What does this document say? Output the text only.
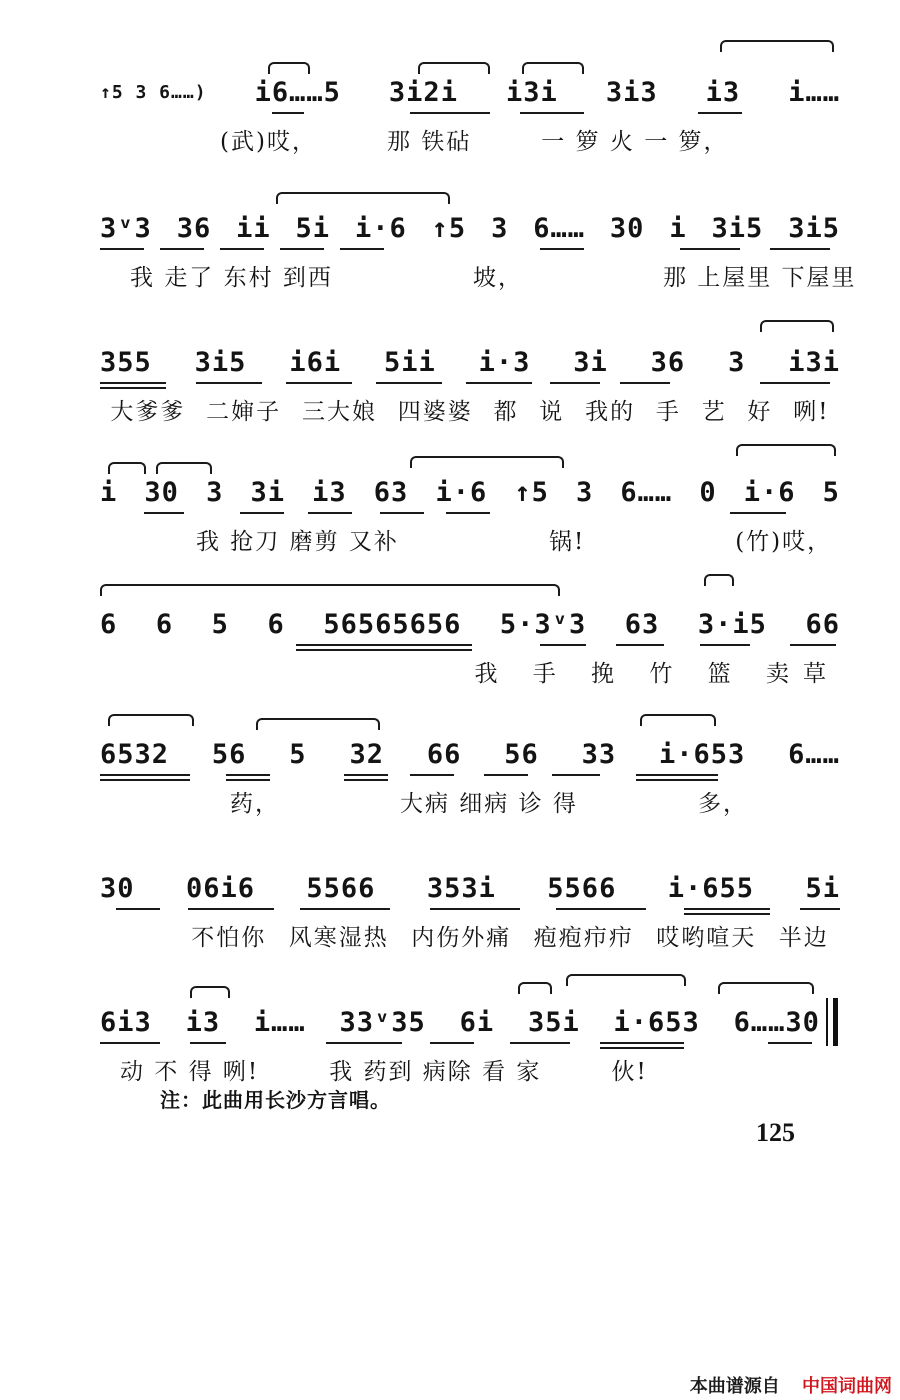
↑5 3 6……) i6……5 3i2i i3i 3i3 i3 i……
(武)哎，	那 铁砧	一 箩 火 一 箩，
3ᵛ3 36 ii 5i i·6 ↑5 3 6…… 30 i 3i5 3i5
我 走了 东村 到西	坡，	那 上屋里 下屋里
355 3i5 i6i 5ii i·3 3i 36 3 i3i
大爹爹 二婶子 三大娘 四婆婆 都 说 我的 手 艺 好 咧!
i 30 3 3i i3 63 i·6 ↑5 3 6…… 0 i·6 5
我 抢刀 磨剪 又补	锅!	(竹)哎，
6 6 5 6 56565656 5·3ᵛ3 63 3·i5 66
我 手 挽 竹 篮 卖草
6532 56 5 32 66 56 33 i·653 6……
药，	大病 细病 诊 得	多，
30 06i6 5566 353i 5566 i·655 5i
不怕你 风寒湿热 内伤外痛 疱疱疖疖 哎哟喧天 半边
6i3 i3 i…… 33ᵛ35 6i 35i i·653 6……30
动 不 得 咧!	我 药到 病除 看 家	伙!
注：此曲用长沙方言唱。
125
本曲谱源自 中国词曲网
